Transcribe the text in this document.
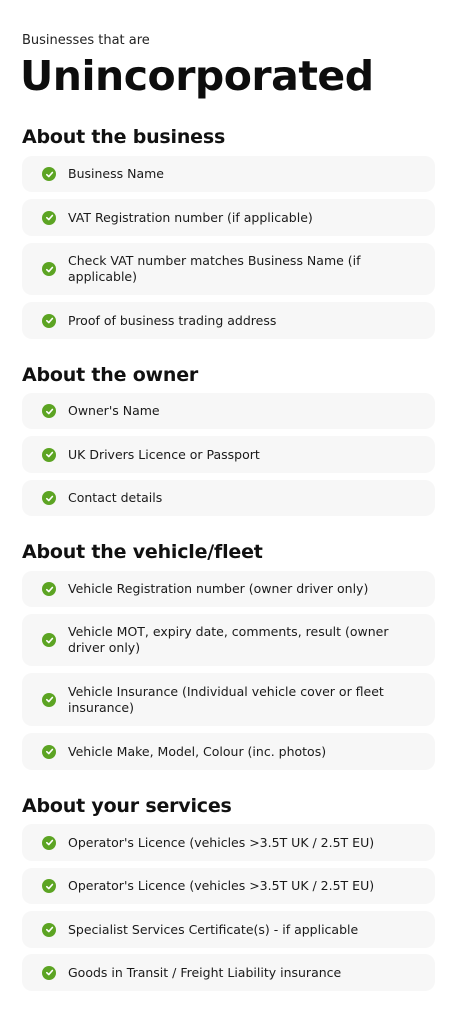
Businesses that are
Unincorporated
About the business
Business Name
VAT Registration number (if applicable)
Check VAT number matches Business Name (if applicable)
Proof of business trading address
About the owner
Owner's Name
UK Drivers Licence or Passport
Contact details
About the vehicle/fleet
Vehicle Registration number (owner driver only)
Vehicle MOT, expiry date, comments, result (owner driver only)
Vehicle Insurance (Individual vehicle cover or fleet insurance)
Vehicle Make, Model, Colour (inc. photos)
About your services
Operator's Licence (vehicles >3.5T UK / 2.5T EU)
Operator's Licence (vehicles >3.5T UK / 2.5T EU)
Specialist Services Certificate(s) - if applicable
Goods in Transit / Freight Liability insurance
